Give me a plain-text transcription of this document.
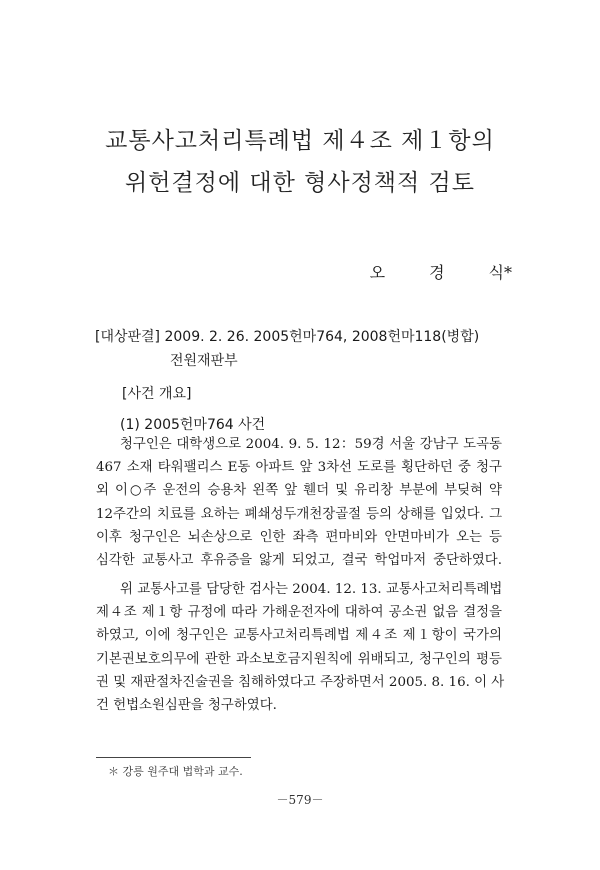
교통사고처리특례법 제４조 제１항의
위헌결정에 대한 형사정책적 검토
오	경	식*
[대상판결] 2009. 2. 26. 2005헌마764, 2008헌마118(병합)
전원재판부
[사건 개요]
(1) 2005헌마764 사건
청구인은 대학생으로 2004. 9. 5. 12：59경 서울 강남구 도곡동
467 소재 타워팰리스 E동 아파트 앞 3차선 도로를 횡단하던 중 청구
외 이○주 운전의 승용차 왼쪽 앞 휀더 및 유리창 부분에 부딪혀 약
12주간의 치료를 요하는 폐쇄성두개천장골절 등의 상해를 입었다. 그
이후 청구인은 뇌손상으로 인한 좌측 편마비와 안면마비가 오는 등
심각한 교통사고 후유증을 앓게 되었고, 결국 학업마저 중단하였다.
위 교통사고를 담당한 검사는 2004. 12. 13. 교통사고처리특례법
제４조 제１항 규정에 따라 가해운전자에 대하여 공소권 없음 결정을
하였고, 이에 청구인은 교통사고처리특례법 제４조 제１항이 국가의
기본권보호의무에 관한 과소보호금지원칙에 위배되고, 청구인의 평등
권 및 재판절차진술권을 침해하였다고 주장하면서 2005. 8. 16. 이 사
건 헌법소원심판을 청구하였다.
＊ 강릉 원주대 법학과 교수.
－579－
